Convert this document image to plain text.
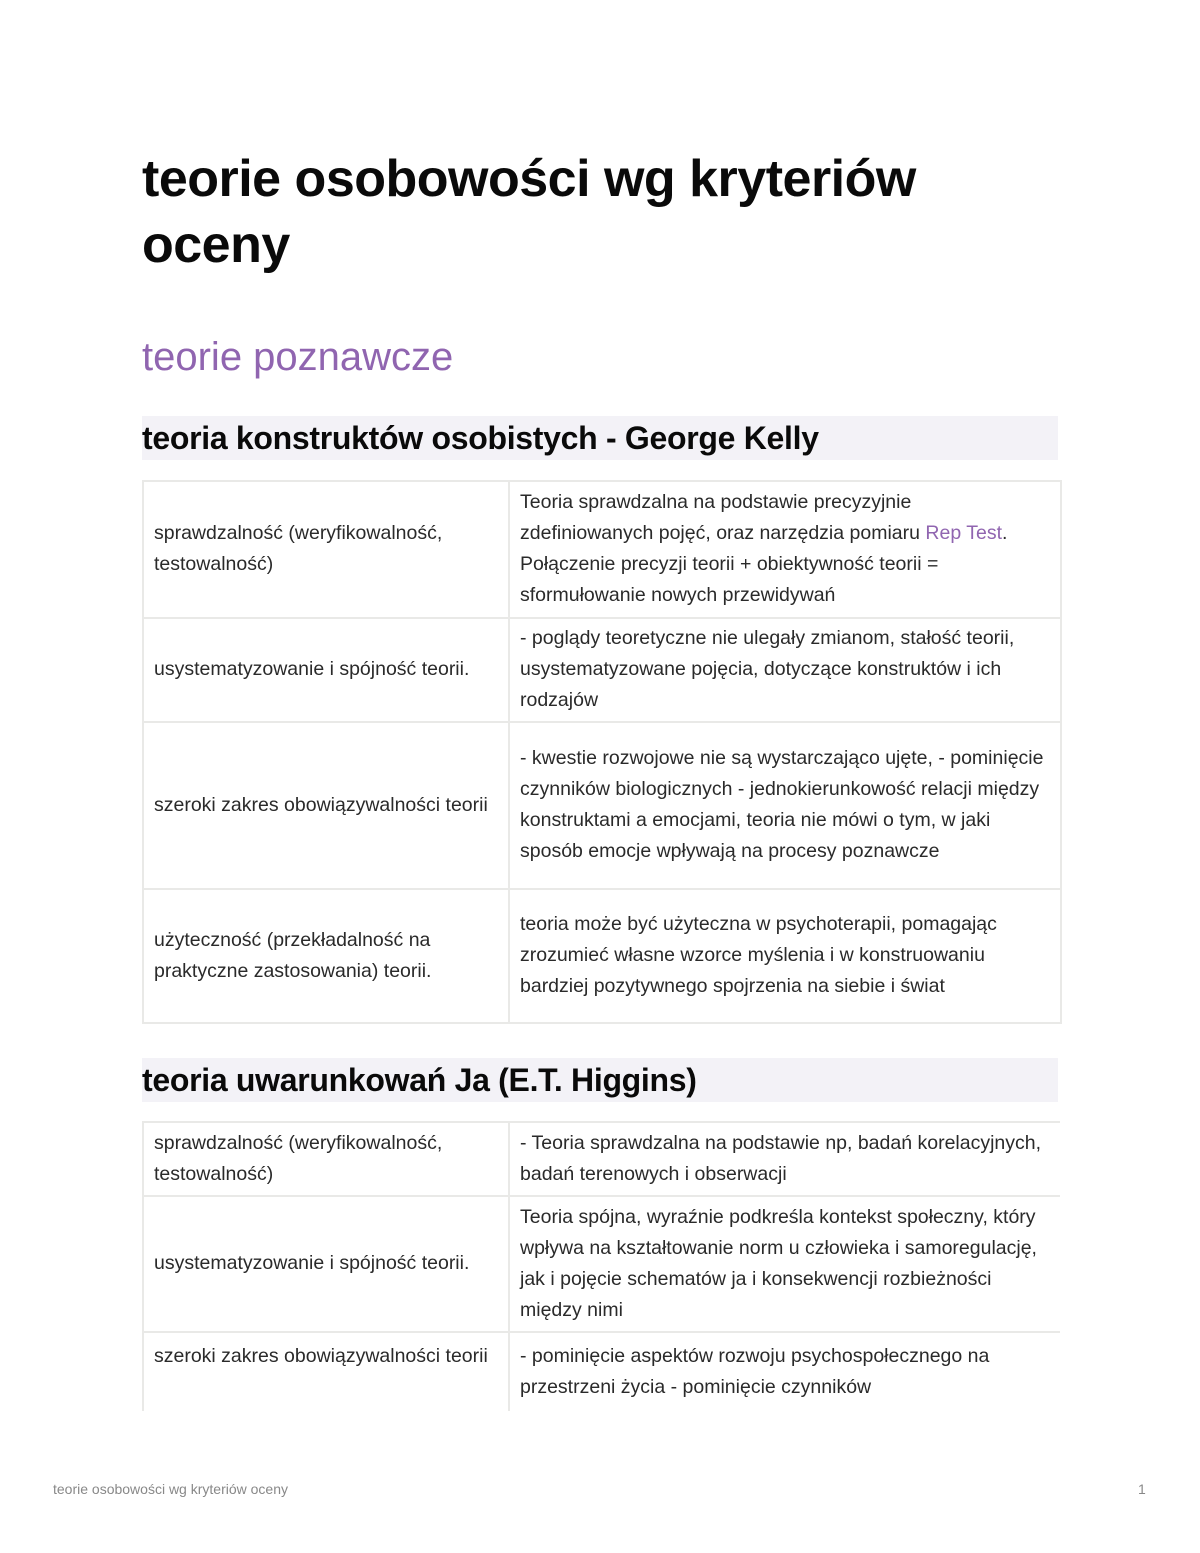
teorie osobowości wg kryteriów oceny
teorie poznawcze
teoria konstruktów osobistych - George Kelly
sprawdzalność (weryfikowalność, testowalność)	Teoria sprawdzalna na podstawie precyzyjnie zdefiniowanych pojęć, oraz narzędzia pomiaru Rep Test. Połączenie precyzji teorii + obiektywność teorii = sformułowanie nowych przewidywań
usystematyzowanie i spójność teorii.	- poglądy teoretyczne nie ulegały zmianom, stałość teorii, usystematyzowane pojęcia, dotyczące konstruktów i ich rodzajów
szeroki zakres obowiązywalności teorii	- kwestie rozwojowe nie są wystarczająco ujęte, - pominięcie czynników biologicznych - jednokierunkowość relacji między konstruktami a emocjami, teoria nie mówi o tym, w jaki sposób emocje wpływają na procesy poznawcze
użyteczność (przekładalność na praktyczne zastosowania) teorii.	teoria może być użyteczna w psychoterapii, pomagając zrozumieć własne wzorce myślenia i w konstruowaniu bardziej pozytywnego spojrzenia na siebie i świat
teoria uwarunkowań Ja (E.T. Higgins)
sprawdzalność (weryfikowalność, testowalność)	- Teoria sprawdzalna na podstawie np, badań korelacyjnych, badań terenowych i obserwacji
usystematyzowanie i spójność teorii.	Teoria spójna, wyraźnie podkreśla kontekst społeczny, który wpływa na kształtowanie norm u człowieka i samoregulację, jak i pojęcie schematów ja i konsekwencji rozbieżności między nimi
szeroki zakres obowiązywalności teorii	- pominięcie aspektów rozwoju psychospołecznego na przestrzeni życia - pominięcie czynników
teorie osobowości wg kryteriów oceny	1
